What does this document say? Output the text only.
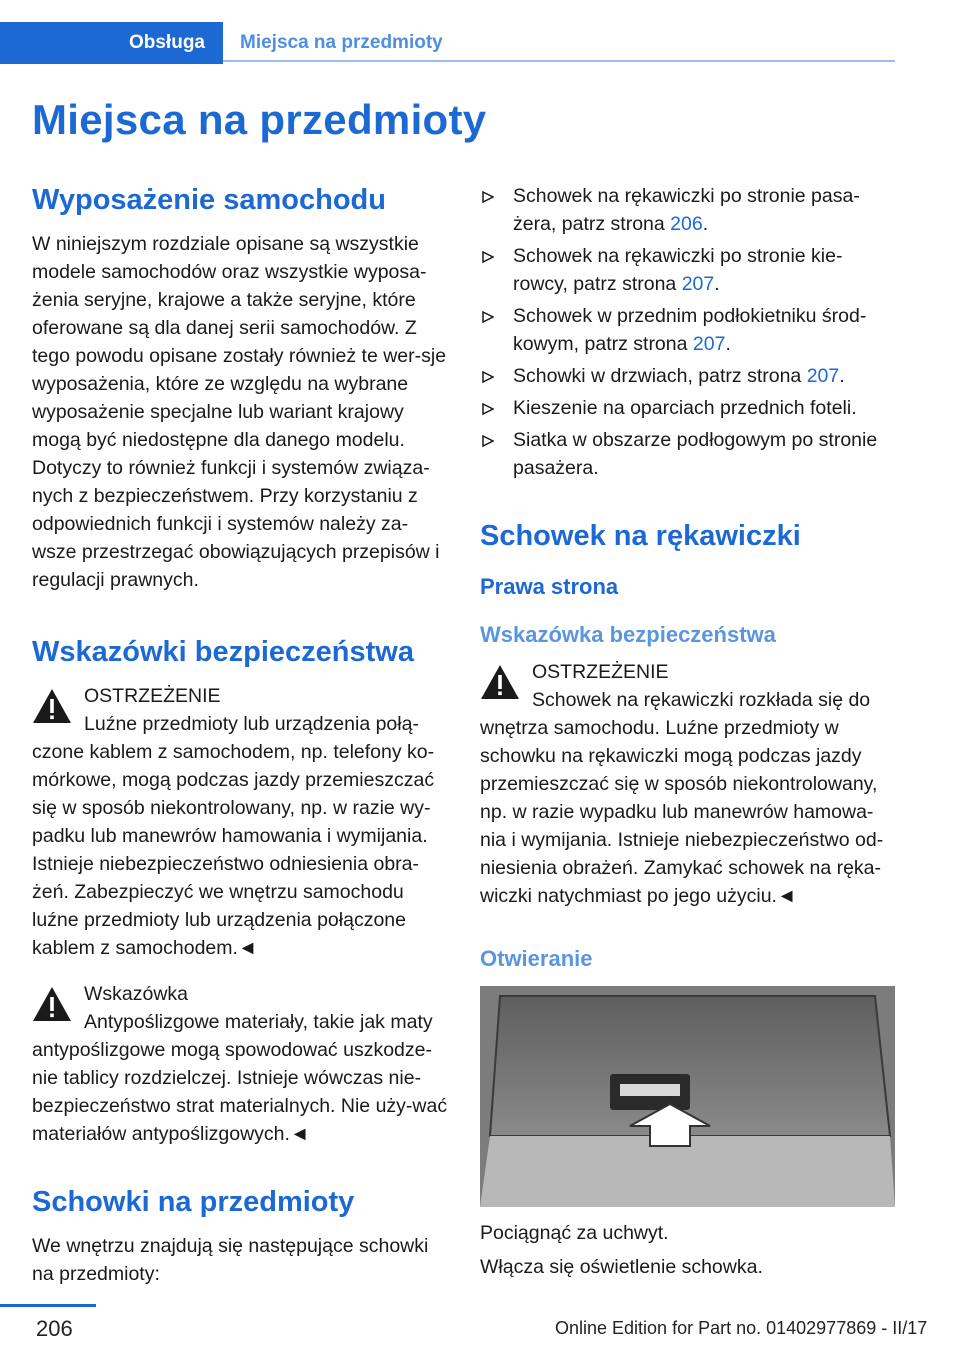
Obsługa	Miejsca na przedmioty
Miejsca na przedmioty
Wyposażenie samochodu
W niniejszym rozdziale opisane są wszystkie modele samochodów oraz wszystkie wyposa‐żenia seryjne, krajowe a także seryjne, które oferowane są dla danej serii samochodów. Z tego powodu opisane zostały również te wer‐sje wyposażenia, które ze względu na wybrane wyposażenie specjalne lub wariant krajowy mogą być niedostępne dla danego modelu. Dotyczy to również funkcji i systemów związa‐nych z bezpieczeństwem. Przy korzystaniu z odpowiednich funkcji i systemów należy za‐wsze przestrzegać obowiązujących przepisów i regulacji prawnych.
Wskazówki bezpieczeństwa
OSTRZEŻENIE
Luźne przedmioty lub urządzenia połą‐czone kablem z samochodem, np. telefony ko‐mórkowe, mogą podczas jazdy przemieszczać się w sposób niekontrolowany, np. w razie wy‐padku lub manewrów hamowania i wymijania. Istnieje niebezpieczeństwo odniesienia obra‐żeń. Zabezpieczyć we wnętrzu samochodu luźne przedmioty lub urządzenia połączone kablem z samochodem.◄
Wskazówka
Antypoślizgowe materiały, takie jak maty antypoślizgowe mogą spowodować uszkodze‐nie tablicy rozdzielczej. Istnieje wówczas nie‐bezpieczeństwo strat materialnych. Nie uży‐wać materiałów antypoślizgowych.◄
Schowki na przedmioty
We wnętrzu znajdują się następujące schowki na przedmioty:
Schowek na rękawiczki po stronie pasa‐żera, patrz strona 206.
Schowek na rękawiczki po stronie kie‐rowcy, patrz strona 207.
Schowek w przednim podłokietniku środ‐kowym, patrz strona 207.
Schowki w drzwiach, patrz strona 207.
Kieszenie na oparciach przednich foteli.
Siatka w obszarze podłogowym po stronie pasażera.
Schowek na rękawiczki
Prawa strona
Wskazówka bezpieczeństwa
OSTRZEŻENIE
Schowek na rękawiczki rozkłada się do wnętrza samochodu. Luźne przedmioty w schowku na rękawiczki mogą podczas jazdy przemieszczać się w sposób niekontrolowany, np. w razie wypadku lub manewrów hamowa‐nia i wymijania. Istnieje niebezpieczeństwo od‐niesienia obrażeń. Zamykać schowek na ręka‐wiczki natychmiast po jego użyciu.◄
Otwieranie
Pociągnąć za uchwyt.
Włącza się oświetlenie schowka.
206	Online Edition for Part no. 01402977869 - II/17
